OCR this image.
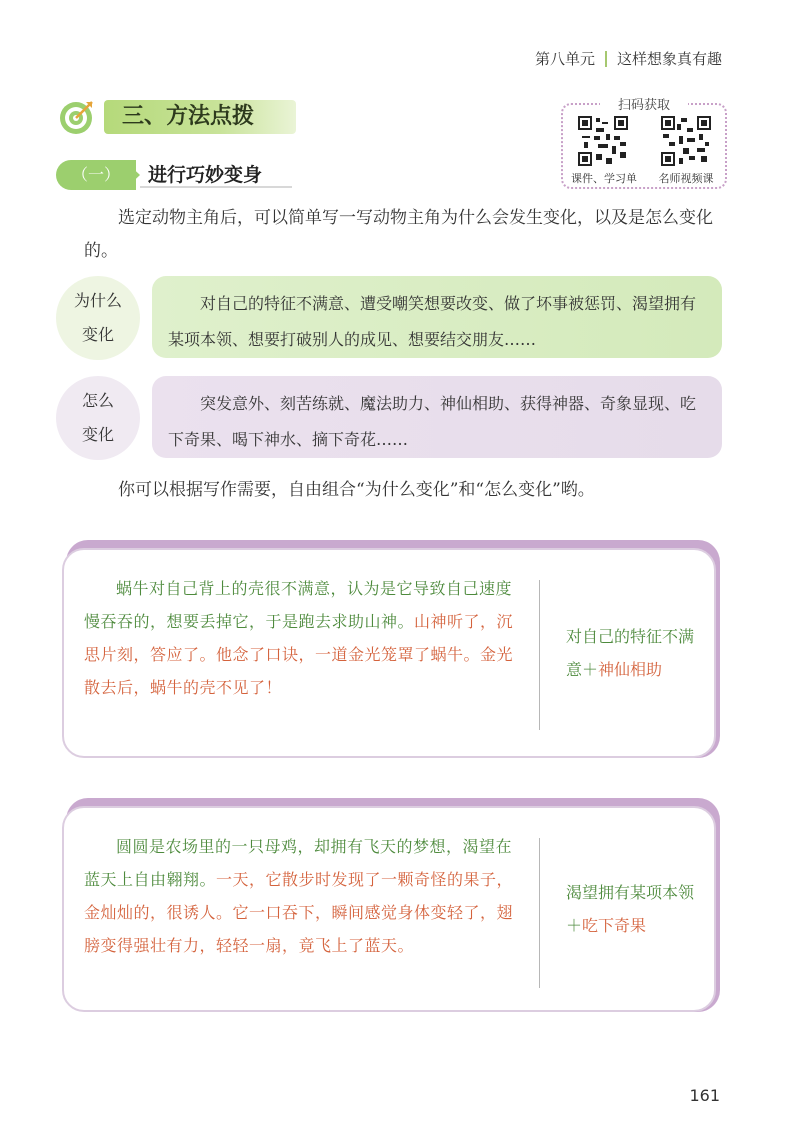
第八单元 这样想象真有趣
三、方法点拨	扫码获取
课件、学习单	名师视频课
（一）	进行巧妙变身
选定动物主角后，可以简单写一写动物主角为什么会发生变化，以及是怎么变化的。
为什么
变化
对自己的特征不满意、遭受嘲笑想要改变、做了坏事被惩罚、渴望拥有某项本领、想要打破别人的成见、想要结交朋友……
怎么
变化
突发意外、刻苦练就、魔法助力、神仙相助、获得神器、奇象显现、吃下奇果、喝下神水、摘下奇花……
你可以根据写作需要，自由组合“为什么变化”和“怎么变化”哟。
蜗牛对自己背上的壳很不满意，认为是它导致自己速度慢吞吞的，想要丢掉它，于是跑去求助山神。山神听了，沉思片刻，答应了。他念了口诀，一道金光笼罩了蜗牛。金光散去后，蜗牛的壳不见了！
对自己的特征不满意＋神仙相助
圆圆是农场里的一只母鸡，却拥有飞天的梦想，渴望在蓝天上自由翱翔。一天，它散步时发现了一颗奇怪的果子，金灿灿的，很诱人。它一口吞下，瞬间感觉身体变轻了，翅膀变得强壮有力，轻轻一扇，竟飞上了蓝天。
渴望拥有某项本领＋吃下奇果
161
